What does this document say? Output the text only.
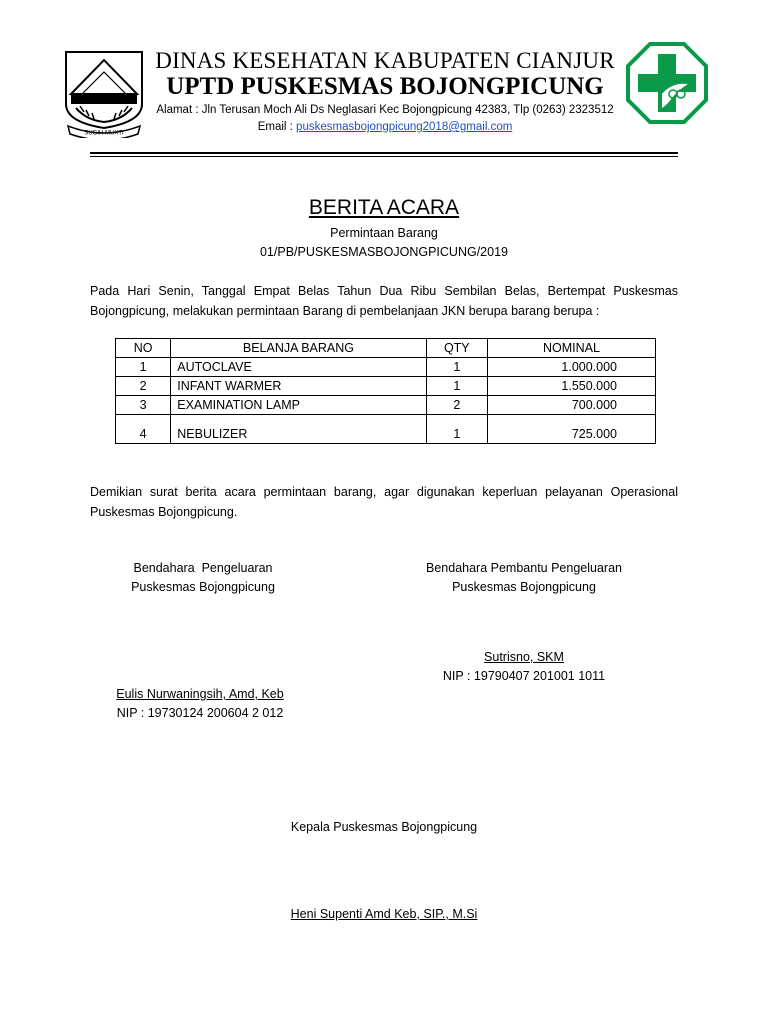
SUGIH MUKTI
DINAS KESEHATAN KABUPATEN CIANJUR
UPTD PUSKESMAS BOJONGPICUNG
Alamat : Jln Terusan Moch Ali Ds Neglasari Kec Bojongpicung 42383, Tlp (0263) 2323512
Email : puskesmasbojongpicung2018@gmail.com
BERITA ACARA
Permintaan Barang
01/PB/PUSKESMASBOJONGPICUNG/2019
Pada Hari Senin, Tanggal Empat Belas Tahun Dua Ribu Sembilan Belas, Bertempat Puskesmas Bojongpicung, melakukan permintaan Barang di pembelanjaan JKN berupa barang berupa :
NO	BELANJA BARANG	QTY	NOMINAL
1	AUTOCLAVE	1	1.000.000
2	INFANT WARMER	1	1.550.000
3	EXAMINATION LAMP	2	700.000
4	NEBULIZER	1	725.000
Demikian surat berita acara permintaan barang, agar digunakan keperluan pelayanan Operasional Puskesmas Bojongpicung.
Bendahara  Pengeluaran
Puskesmas Bojongpicung
Eulis Nurwaningsih, Amd, Keb
NIP : 19730124 200604 2 012
Bendahara Pembantu Pengeluaran
Puskesmas Bojongpicung
Sutrisno, SKM
NIP : 19790407 201001 1011
Kepala Puskesmas Bojongpicung
Heni Supenti Amd Keb, SIP., M.Si
